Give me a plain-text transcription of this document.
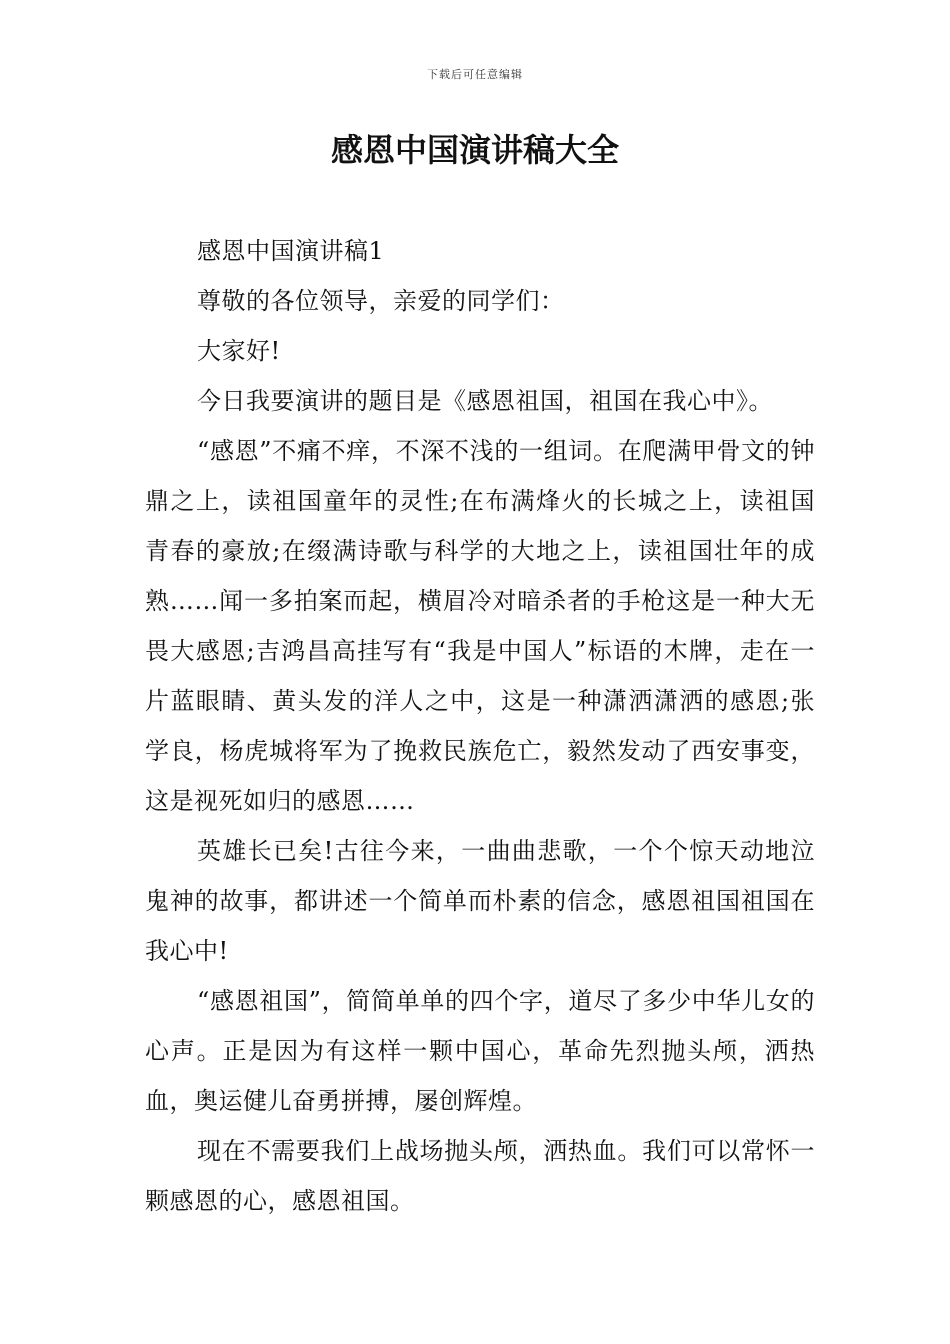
下载后可任意编辑
感恩中国演讲稿大全

感恩中国演讲稿1

尊敬的各位领导，亲爱的同学们：

大家好!

今日我要演讲的题目是《感恩祖国，祖国在我心中》。

“感恩”不痛不痒，不深不浅的一组词。在爬满甲骨文的钟鼎之上，读祖国童年的灵性;在布满烽火的长城之上，读祖国青春的豪放;在缀满诗歌与科学的大地之上，读祖国壮年的成熟……闻一多拍案而起，横眉冷对暗杀者的手枪这是一种大无畏大感恩;吉鸿昌高挂写有“我是中国人”标语的木牌，走在一片蓝眼睛、黄头发的洋人之中，这是一种潇洒潇洒的感恩;张学良，杨虎城将军为了挽救民族危亡，毅然发动了西安事变，这是视死如归的感恩……

英雄长已矣!古往今来，一曲曲悲歌，一个个惊天动地泣鬼神的故事，都讲述一个简单而朴素的信念，感恩祖国祖国在我心中!

“感恩祖国”，简简单单的四个字，道尽了多少中华儿女的心声。正是因为有这样一颗中国心，革命先烈抛头颅，洒热血，奥运健儿奋勇拼搏，屡创辉煌。

现在不需要我们上战场抛头颅，洒热血。我们可以常怀一颗感恩的心，感恩祖国。
